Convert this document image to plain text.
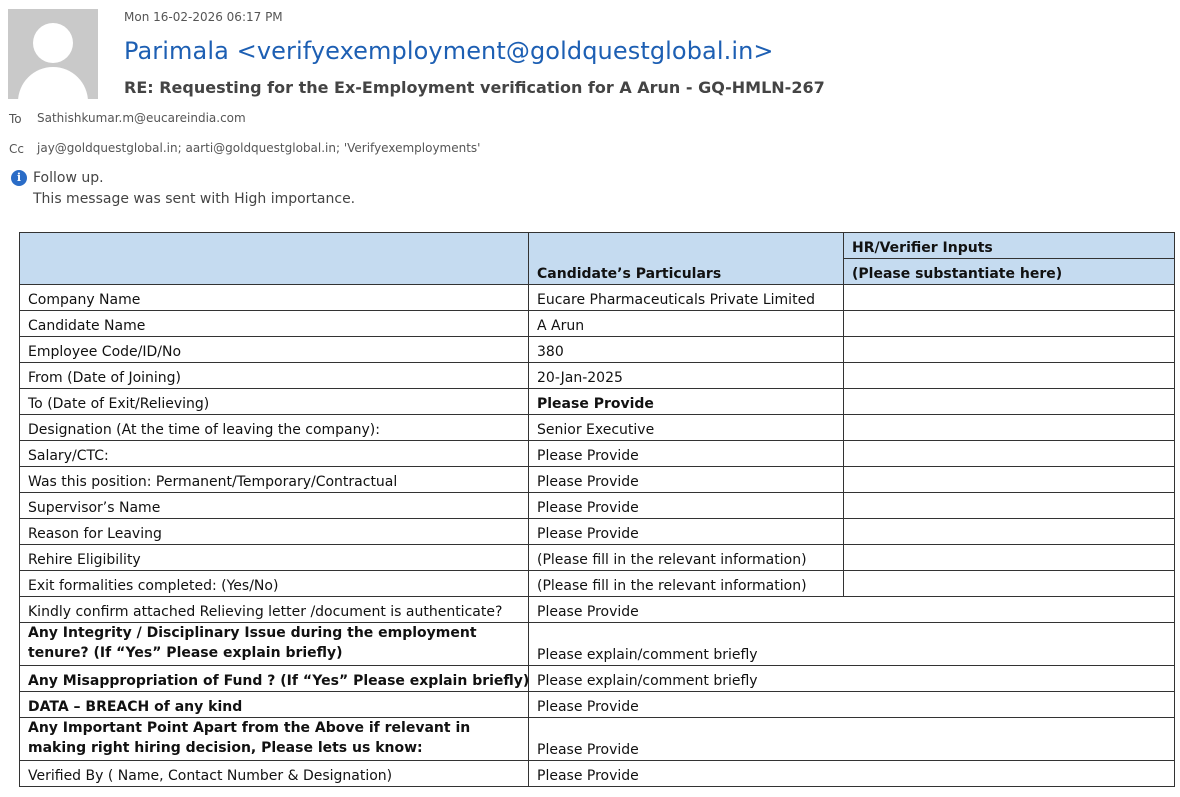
Mon 16-02-2026 06:17 PM
Parimala <verifyexemployment@goldquestglobal.in>
RE: Requesting for the Ex-Employment verification for A Arun - GQ-HMLN-267
To Sathishkumar.m@eucareindia.com
Cc jay@goldquestglobal.in; aarti@goldquestglobal.in; 'Verifyexemployments'
i Follow up.
This message was sent with High importance.
	Candidate’s Particulars	HR/Verifier Inputs
		(Please substantiate here)
Company Name	Eucare Pharmaceuticals Private Limited	
Candidate Name	A Arun	
Employee Code/ID/No	380	
From (Date of Joining)	20-Jan-2025	
To (Date of Exit/Relieving)	Please Provide	
Designation (At the time of leaving the company):	Senior Executive	
Salary/CTC:	Please Provide	
Was this position: Permanent/Temporary/Contractual	Please Provide	
Supervisor’s Name	Please Provide	
Reason for Leaving	Please Provide	
Rehire Eligibility	(Please fill in the relevant information)	
Exit formalities completed: (Yes/No)	(Please fill in the relevant information)	
Kindly confirm attached Relieving letter /document is authenticate?	Please Provide	
Any Integrity / Disciplinary Issue during the employment tenure? (If “Yes” Please explain briefly)	Please explain/comment briefly	
Any Misappropriation of Fund ? (If “Yes” Please explain briefly)	Please explain/comment briefly	
DATA – BREACH of any kind	Please Provide	
Any Important Point Apart from the Above if relevant in making right hiring decision, Please lets us know:	Please Provide	
Verified By ( Name, Contact Number & Designation)	Please Provide	
